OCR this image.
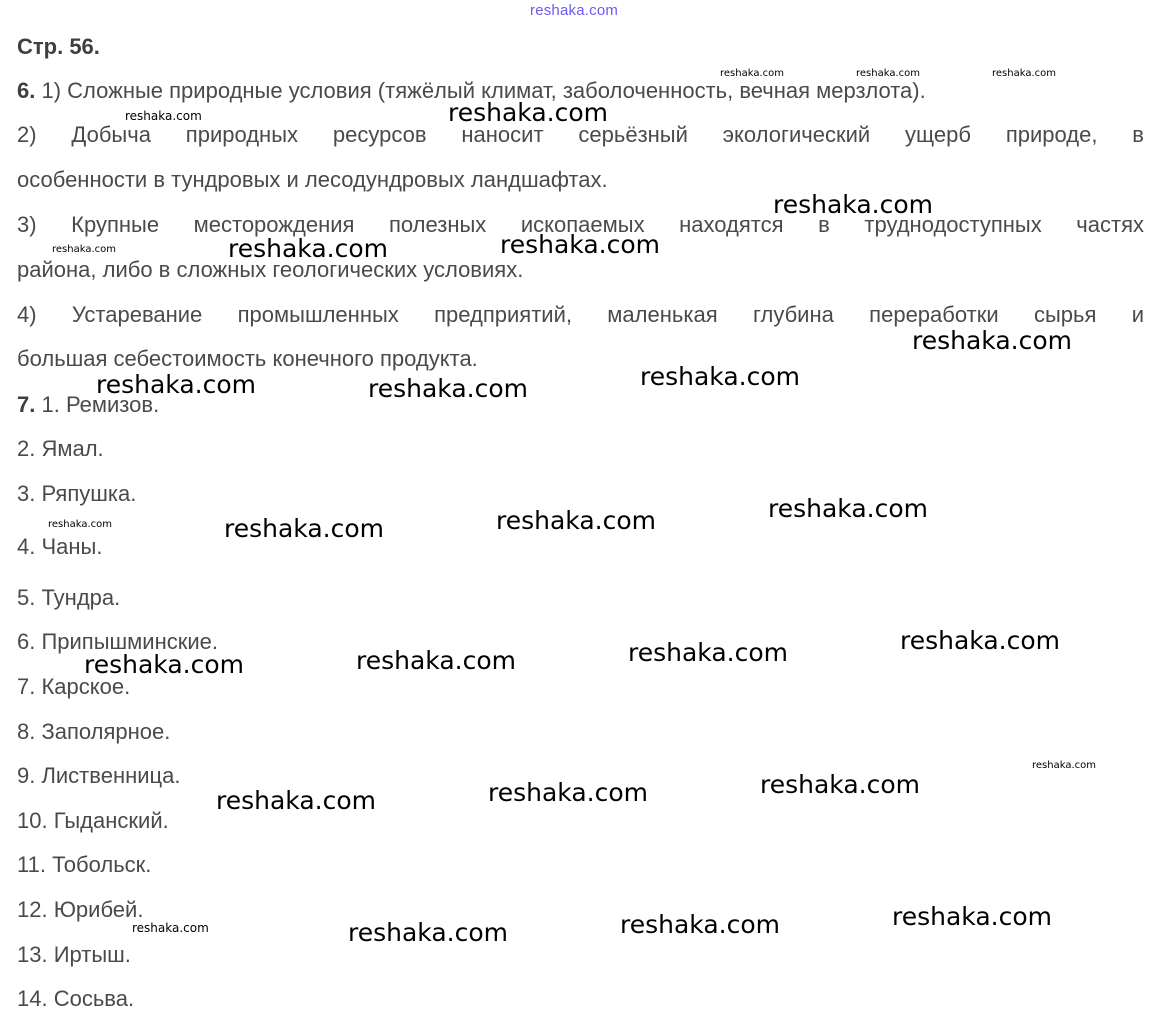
reshaka.com
Стр. 56.
6. 1) Сложные природные условия (тяжёлый климат, заболоченность, вечная мерзлота).
2) Добыча природных ресурсов наносит серьёзный экологический ущерб природе, в
особенности в тундровых и лесодундровых ландшафтах.
3) Крупные месторождения полезных ископаемых находятся в труднодоступных частях
района, либо в сложных геологических условиях.
4) Устаревание промышленных предприятий, маленькая глубина переработки сырья и
большая себестоимость конечного продукта.
7. 1. Ремизов.
2. Ямал.
3. Ряпушка.
4. Чаны.
5. Тундра.
6. Припышминские.
7. Карское.
8. Заполярное.
9. Лиственница.
10. Гыданский.
11. Тобольск.
12. Юрибей.
13. Иртыш.
14. Сосьва.
reshaka.com	reshaka.com	reshaka.com
reshaka.com
reshaka.com
reshaka.com
reshaka.com
reshaka.com
reshaka.com
reshaka.com
reshaka.com
reshaka.com	reshaka.com
reshaka.com
reshaka.com
reshaka.com	reshaka.com
reshaka.com
reshaka.com
reshaka.com
reshaka.com
reshaka.com
reshaka.com
reshaka.com
reshaka.com
reshaka.com
reshaka.com
reshaka.com	reshaka.com
